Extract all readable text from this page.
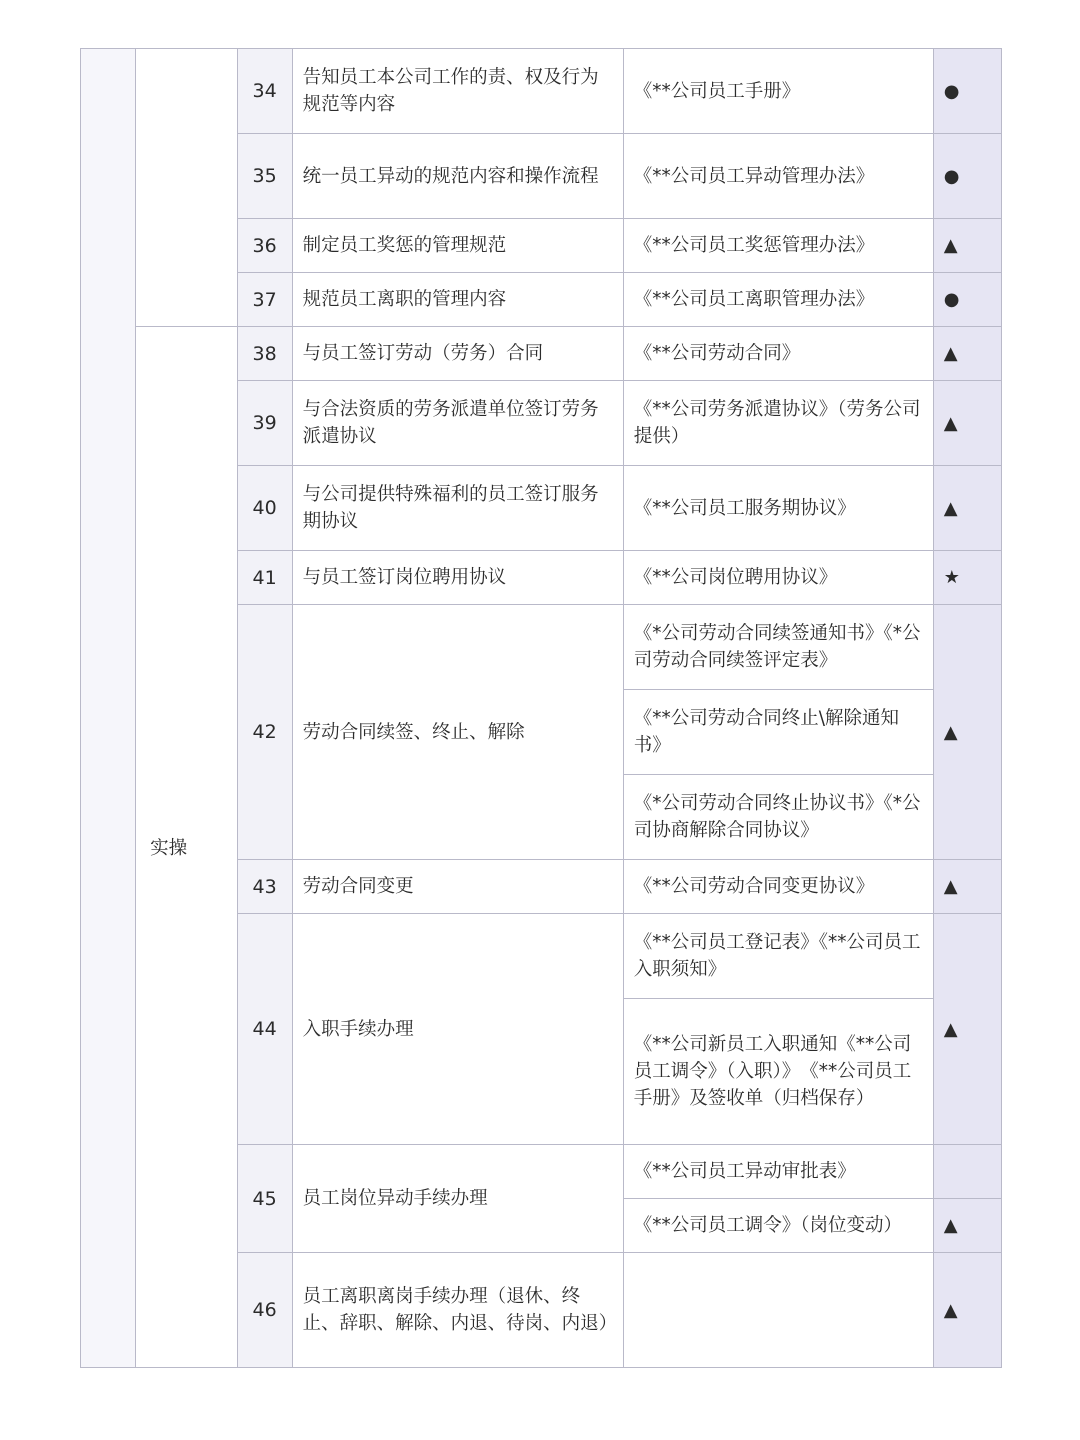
		34	告知员工本公司工作的责、权及行为规范等内容	《**公司员工手册》	●
		35	统一员工异动的规范内容和操作流程	《**公司员工异动管理办法》	●
		36	制定员工奖惩的管理规范	《**公司员工奖惩管理办法》	▲
		37	规范员工离职的管理内容	《**公司员工离职管理办法》	●
	实操	38	与员工签订劳动（劳务）合同	《**公司劳动合同》	▲
		39	与合法资质的劳务派遣单位签订劳务派遣协议	《**公司劳务派遣协议》（劳务公司提供）	▲
		40	与公司提供特殊福利的员工签订服务期协议	《**公司员工服务期协议》	▲
		41	与员工签订岗位聘用协议	《**公司岗位聘用协议》	★
		42	劳动合同续签、终止、解除	《*公司劳动合同续签通知书》《*公司劳动合同续签评定表》	▲
				《**公司劳动合同终止\解除通知书》	
				《*公司劳动合同终止协议书》《*公司协商解除合同协议》	
		43	劳动合同变更	《**公司劳动合同变更协议》	▲
		44	入职手续办理	《**公司员工登记表》《**公司员工入职须知》	▲
				《**公司新员工入职通知《**公司员工调令》（入职）》　《**公司员工手册》及签收单（归档保存）	
		45	员工岗位异动手续办理	《**公司员工异动审批表》	
				《**公司员工调令》（岗位变动）	▲
		46	员工离职离岗手续办理（退休、终止、辞职、解除、内退、待岗、内退）		▲
